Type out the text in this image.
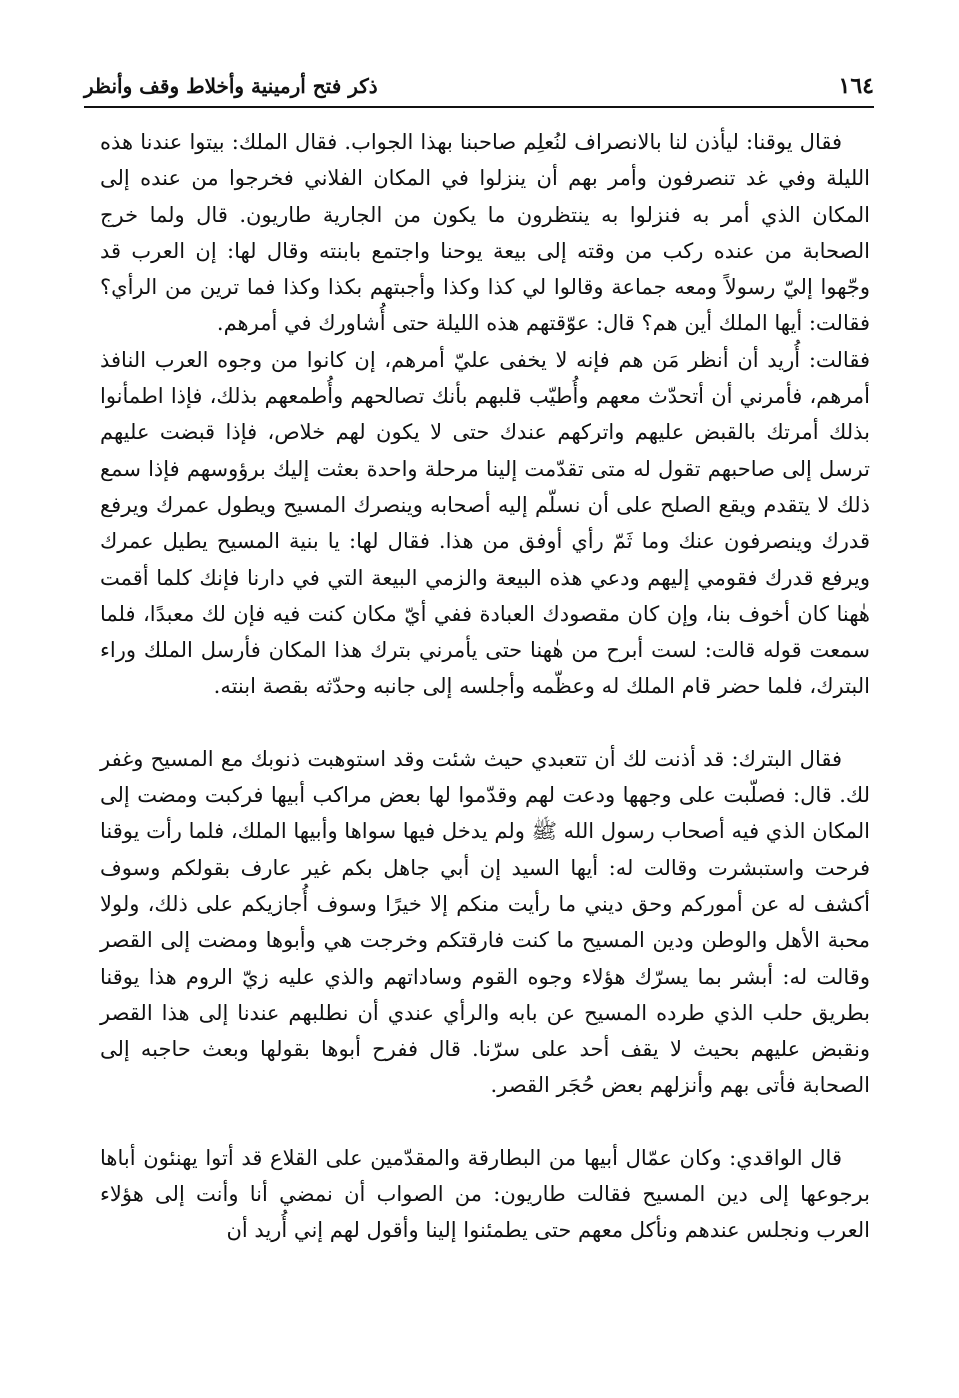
١٦٤
ذكر فتح أرمينية وأخلاط وقف وأنظر

فقال يوقنا: ليأذن لنا بالانصراف لنُعلِم صاحبنا بهذا الجواب. فقال الملك: بيتوا عندنا هذه الليلة وفي غد تنصرفون وأمر بهم أن ينزلوا في المكان الفلاني فخرجوا من عنده إلى المكان الذي أمر به فنزلوا به ينتظرون ما يكون من الجارية طاريون. قال ولما خرج الصحابة من عنده ركب من وقته إلى بيعة يوحنا واجتمع بابنته وقال لها: إن العرب قد وجّهوا إليّ رسولاً ومعه جماعة وقالوا لي كذا وكذا وأجبتهم بكذا وكذا فما ترين من الرأي؟ فقالت: أيها الملك أين هم؟ قال: عوّقتهم هذه الليلة حتى أُشاورك في أمرهم.

فقالت: أُريد أن أنظر مَن هم فإنه لا يخفى عليّ أمرهم، إن كانوا من وجوه العرب النافذ أمرهم، فأمرني أن أتحدّث معهم وأُطيّب قلبهم بأنك تصالحهم وأُطمعهم بذلك، فإذا اطمأنوا بذلك أمرتك بالقبض عليهم واتركهم عندك حتى لا يكون لهم خلاص، فإذا قبضت عليهم ترسل إلى صاحبهم تقول له متى تقدّمت إلينا مرحلة واحدة بعثت إليك برؤوسهم فإذا سمع ذلك لا يتقدم ويقع الصلح على أن نسلّم إليه أصحابه وينصرك المسيح ويطول عمرك ويرفع قدرك وينصرفون عنك وما ثَمّ رأي أوفق من هذا. فقال لها: يا بنية المسيح يطيل عمرك ويرفع قدرك فقومي إليهم ودعي هذه البيعة والزمي البيعة التي في دارنا فإنك كلما أقمت هٰهنا كان أخوف بنا، وإن كان مقصودك العبادة ففي أيّ مكان كنت فيه فإن لك معبدًا، فلما سمعت قوله قالت: لست أبرح من هٰهنا حتى يأمرني بترك هذا المكان فأرسل الملك وراء البترك، فلما حضر قام الملك له وعظّمه وأجلسه إلى جانبه وحدّثه بقصة ابنته.

فقال البترك: قد أذنت لك أن تتعبدي حيث شئت وقد استوهبت ذنوبك مع المسيح وغفر لك. قال: فصلّبت على وجهها ودعت لهم وقدّموا لها بعض مراكب أبيها فركبت ومضت إلى المكان الذي فيه أصحاب رسول الله ﷺ ولم يدخل فيها سواها وأبيها الملك، فلما رأت يوقنا فرحت واستبشرت وقالت له: أيها السيد إن أبي جاهل بكم غير عارف بقولكم وسوف أكشف له عن أموركم وحق ديني ما رأيت منكم إلا خيرًا وسوف أُجازيكم على ذلك، ولولا محبة الأهل والوطن ودين المسيح ما كنت فارقتكم وخرجت هي وأبوها ومضت إلى القصر وقالت له: أبشر بما يسرّك هؤلاء وجوه القوم وساداتهم والذي عليه زيّ الروم هذا يوقنا بطريق حلب الذي طرده المسيح عن بابه والرأي عندي أن نطلبهم عندنا إلى هذا القصر ونقبض عليهم بحيث لا يقف أحد على سرّنا. قال ففرح أبوها بقولها وبعث حاجبه إلى الصحابة فأتى بهم وأنزلهم بعض حُجَر القصر.

قال الواقدي: وكان عمّال أبيها من البطارقة والمقدّمين على القلاع قد أتوا يهنئون أباها برجوعها إلى دين المسيح فقالت طاريون: من الصواب أن نمضي أنا وأنت إلى هؤلاء العرب ونجلس عندهم ونأكل معهم حتى يطمئنوا إلينا وأقول لهم إني أُريد أن
